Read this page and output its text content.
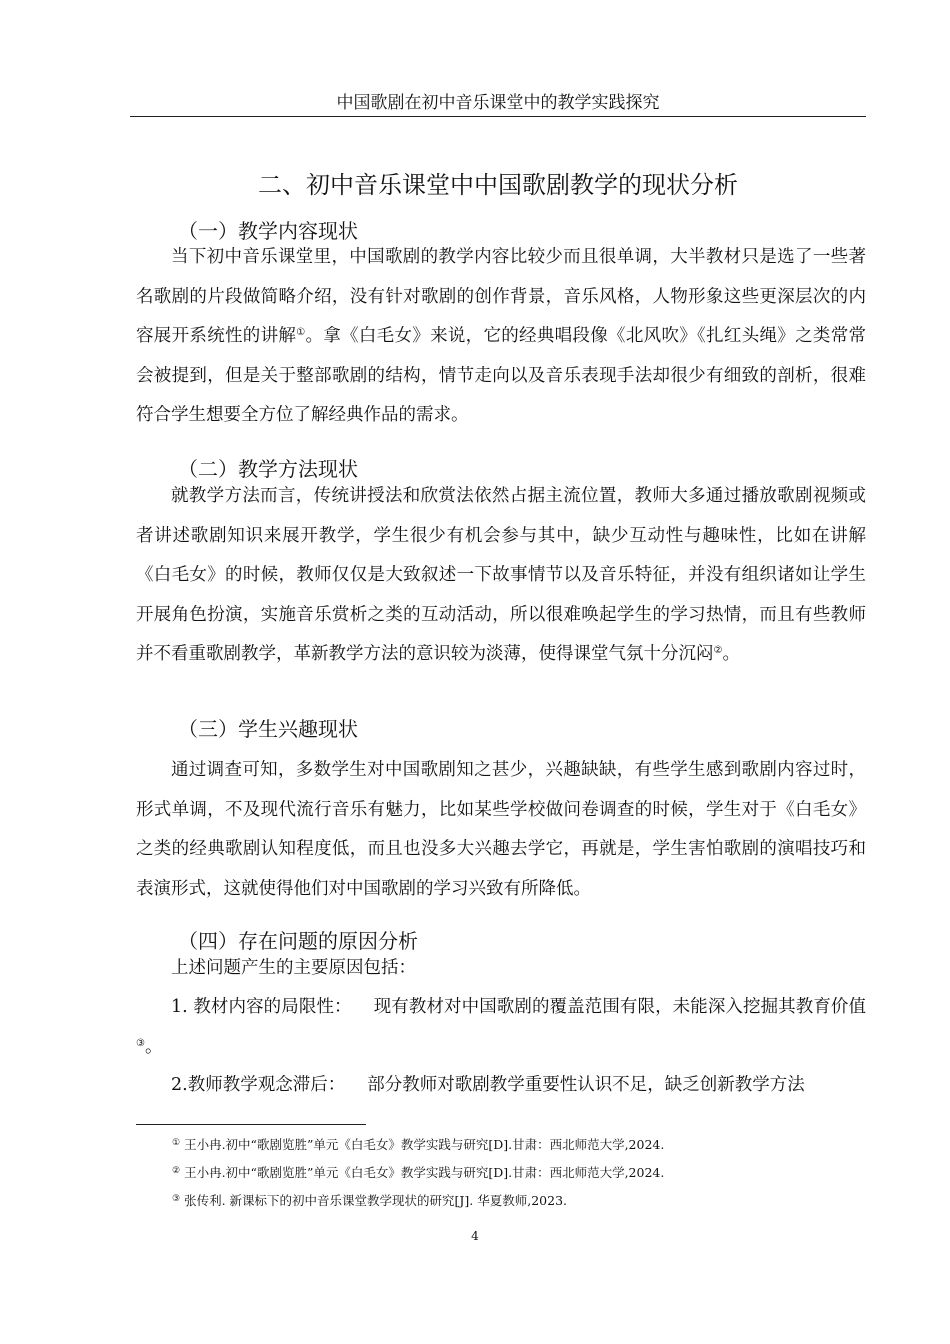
中国歌剧在初中音乐课堂中的教学实践探究
二、初中音乐课堂中中国歌剧教学的现状分析
（一）教学内容现状

当下初中音乐课堂里，中国歌剧的教学内容比较少而且很单调，大半教材只是选了一些著名歌剧的片段做简略介绍，没有针对歌剧的创作背景，音乐风格，人物形象这些更深层次的内容展开系统性的讲解①。拿《白毛女》来说，它的经典唱段像《北风吹》《扎红头绳》之类常常会被提到，但是关于整部歌剧的结构，情节走向以及音乐表现手法却很少有细致的剖析，很难符合学生想要全方位了解经典作品的需求。

（二）教学方法现状

就教学方法而言，传统讲授法和欣赏法依然占据主流位置，教师大多通过播放歌剧视频或者讲述歌剧知识来展开教学，学生很少有机会参与其中，缺少互动性与趣味性，比如在讲解《白毛女》的时候，教师仅仅是大致叙述一下故事情节以及音乐特征，并没有组织诸如让学生开展角色扮演，实施音乐赏析之类的互动活动，所以很难唤起学生的学习热情，而且有些教师并不看重歌剧教学，革新教学方法的意识较为淡薄，使得课堂气氛十分沉闷②。

（三）学生兴趣现状

通过调查可知，多数学生对中国歌剧知之甚少，兴趣缺缺，有些学生感到歌剧内容过时，形式单调，不及现代流行音乐有魅力，比如某些学校做问卷调查的时候，学生对于《白毛女》之类的经典歌剧认知程度低，而且也没多大兴趣去学它，再就是，学生害怕歌剧的演唱技巧和表演形式，这就使得他们对中国歌剧的学习兴致有所降低。

（四）存在问题的原因分析

上述问题产生的主要原因包括：

1. 教材内容的局限性： 现有教材对中国歌剧的覆盖范围有限，未能深入挖掘其教育价值③。

2.教师教学观念滞后： 部分教师对歌剧教学重要性认识不足，缺乏创新教学方法

① 王小冉.初中“歌剧览胜”单元《白毛女》教学实践与研究[D].甘肃：西北师范大学,2024.

② 王小冉.初中“歌剧览胜”单元《白毛女》教学实践与研究[D].甘肃：西北师范大学,2024.

③ 张传利. 新课标下的初中音乐课堂教学现状的研究[J]. 华夏教师,2023.

4
